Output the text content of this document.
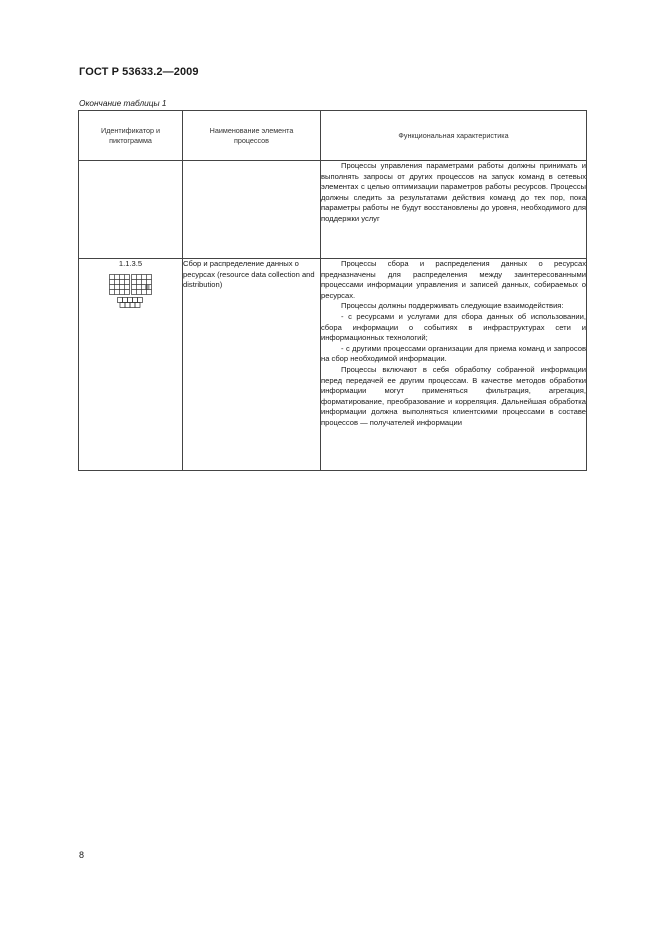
ГОСТ Р 53633.2—2009
Окончание таблицы 1
Идентификатор и пиктограмма	Наименование элемента процессов	Функциональная характеристика

		Процессы управления параметрами работы должны принимать и выполнять запросы от других процессов на запуск команд в сетевых элементах с целью оптимизации параметров работы ресурсов. Процессы должны следить за результатами действия команд до тех пор, пока параметры работы не будут восстановлены до уровня, необходимого для поддержки услуг

1.1.3.5	Сбор и распределение данных о ресурсах (resource data collection and distribution)	Процессы сбора и распределения данных о ресурсах предназначены для распределения между заинтересованными процессами информации управления и записей данных, собираемых о ресурсах.

Процессы должны поддерживать следующие взаимодействия:

- с ресурсами и услугами для сбора данных об использовании, сбора информации о событиях в инфраструктурах сети и информационных технологий;

- с другими процессами организации для приема команд и запросов на сбор необходимой информации.

Процессы включают в себя обработку собранной информации перед передачей ее другим процессам. В качестве методов обработки информации могут применяться фильтрация, агрегация, форматирование, преобразование и корреляция. Дальнейшая обработка информации должна выполняться клиентскими процессами в составе процессов — получателей информации

8
